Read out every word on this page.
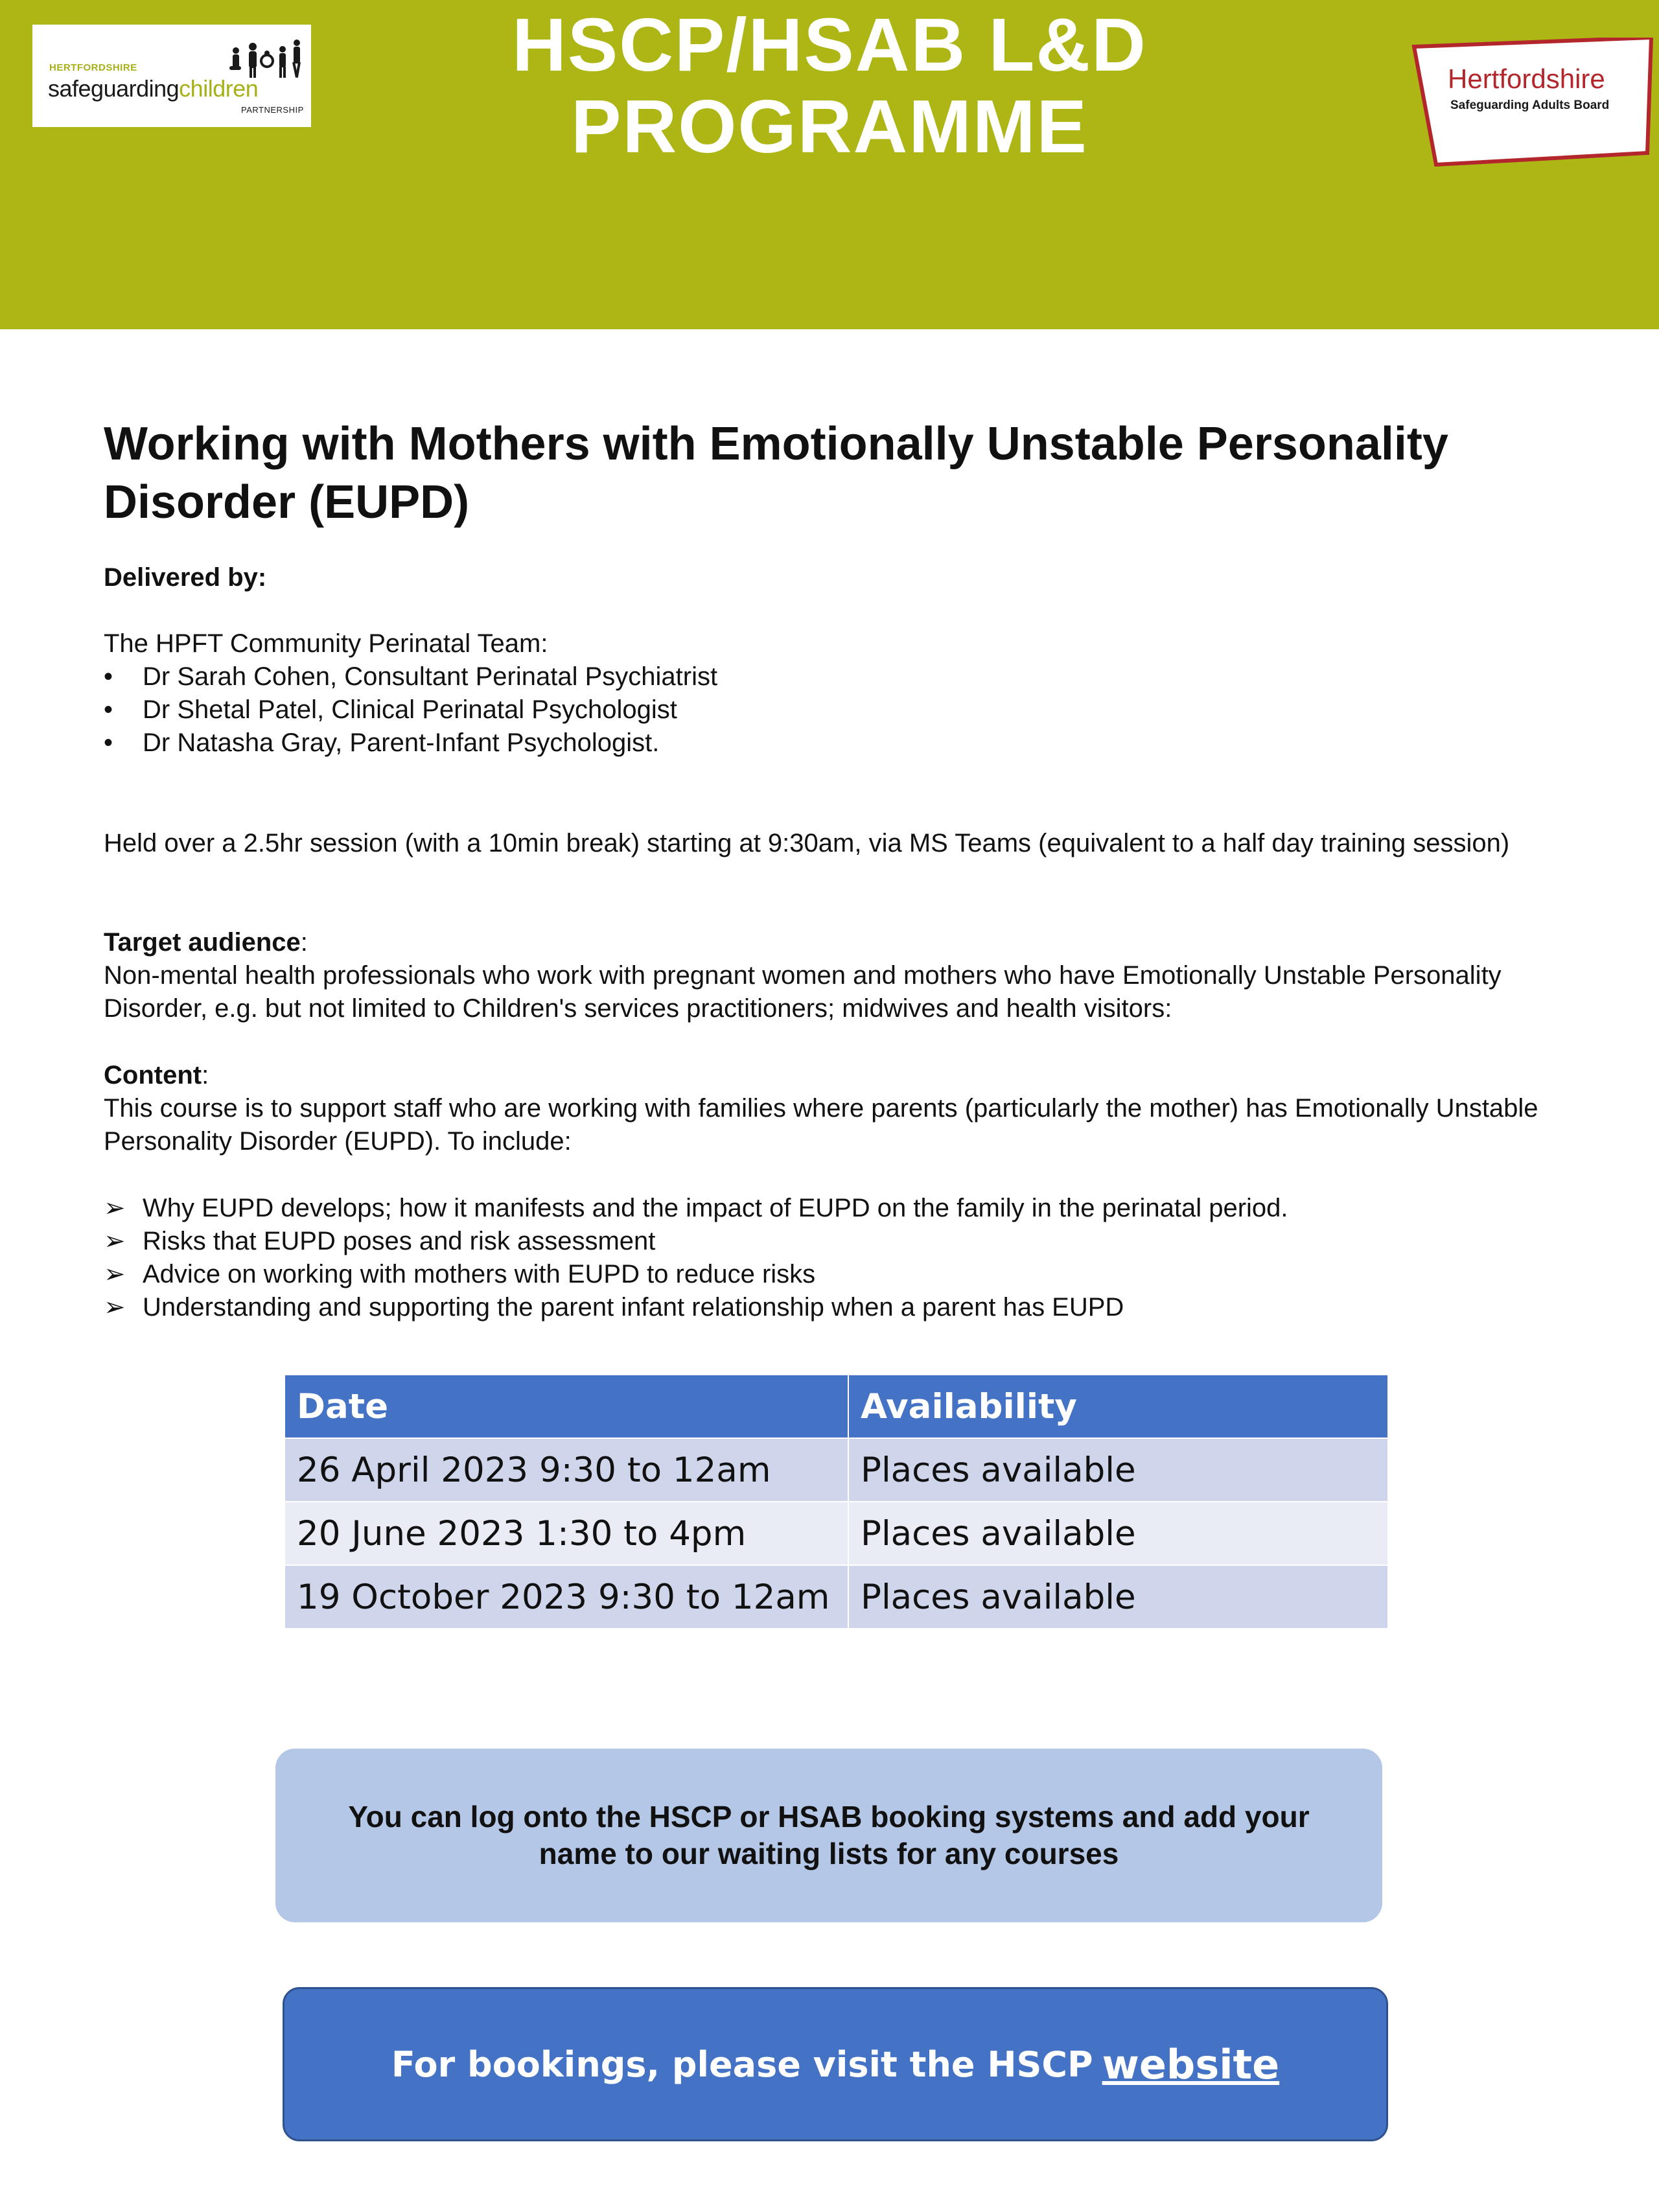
HERTFORDSHIRE
safeguardingchildren
PARTNERSHIP
HSCP/HSAB L&D
PROGRAMME
Hertfordshire
Safeguarding Adults Board
Working with Mothers with Emotionally Unstable Personality Disorder (EUPD)
Delivered by:
The HPFT Community Perinatal Team:
•	Dr Sarah Cohen, Consultant Perinatal Psychiatrist
•	Dr Shetal Patel, Clinical Perinatal Psychologist
•	Dr Natasha Gray, Parent-Infant Psychologist.
Held over a 2.5hr session (with a 10min break) starting at 9:30am, via MS Teams (equivalent to a half day training session)
Target audience:
Non-mental health professionals who work with pregnant women and mothers who have Emotionally Unstable Personality Disorder, e.g. but not limited to Children's services practitioners; midwives and health visitors:
Content:
This course is to support staff who are working with families where parents (particularly the mother) has Emotionally Unstable Personality Disorder (EUPD). To include:
➢ Why EUPD develops; how it manifests and the impact of EUPD on the family in the perinatal period.
➢ Risks that EUPD poses and risk assessment
➢ Advice on working with mothers with EUPD to reduce risks
➢ Understanding and supporting the parent infant relationship when a parent has EUPD
Date	Availability
26 April 2023 9:30 to 12am	Places available
20 June 2023 1:30 to 4pm	Places available
19 October 2023 9:30 to 12am	Places available
You can log onto the HSCP or HSAB booking systems and add your name to our waiting lists for any courses
For bookings, please visit the HSCP website
